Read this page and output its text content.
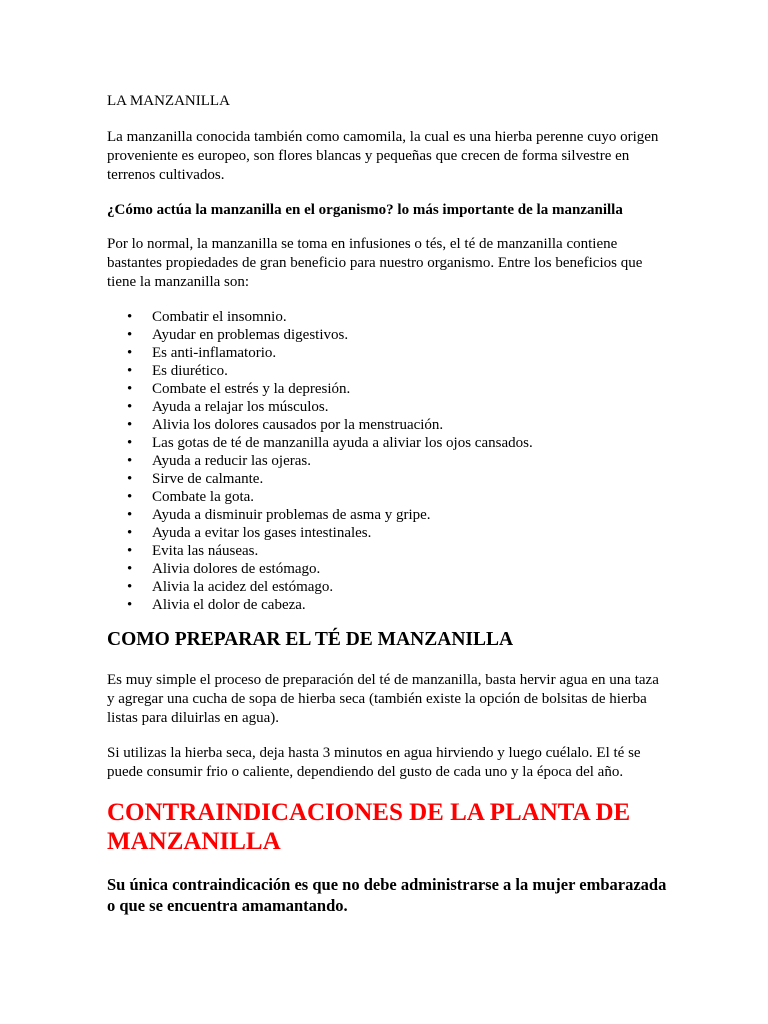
LA MANZANILLA

La manzanilla conocida también como camomila, la cual es una hierba perenne cuyo origen proveniente es europeo, son flores blancas y pequeñas que crecen de forma silvestre en terrenos cultivados.

¿Cómo actúa la manzanilla en el organismo? lo más importante de la manzanilla

Por lo normal, la manzanilla se toma en infusiones o tés, el té de manzanilla contiene bastantes propiedades de gran beneficio para nuestro organismo. Entre los beneficios que tiene la manzanilla son:

• Combatir el insomnio.
• Ayudar en problemas digestivos.
• Es anti-inflamatorio.
• Es diurético.
• Combate el estrés y la depresión.
• Ayuda a relajar los músculos.
• Alivia los dolores causados por la menstruación.
• Las gotas de té de manzanilla ayuda a aliviar los ojos cansados.
• Ayuda a reducir las ojeras.
• Sirve de calmante.
• Combate la gota.
• Ayuda a disminuir problemas de asma y gripe.
• Ayuda a evitar los gases intestinales.
• Evita las náuseas.
• Alivia dolores de estómago.
• Alivia la acidez del estómago.
• Alivia el dolor de cabeza.
COMO PREPARAR EL TÉ DE MANZANILLA

Es muy simple el proceso de preparación del té de manzanilla, basta hervir agua en una taza y agregar una cucha de sopa de hierba seca (también existe la opción de bolsitas de hierba listas para diluirlas en agua).

Si utilizas la hierba seca, deja hasta 3 minutos en agua hirviendo y luego cuélalo. El té se puede consumir frio o caliente, dependiendo del gusto de cada uno y la época del año.

CONTRAINDICACIONES DE LA PLANTA DE MANZANILLA

Su única contraindicación es que no debe administrarse a la mujer embarazada o que se encuentra amamantando.
